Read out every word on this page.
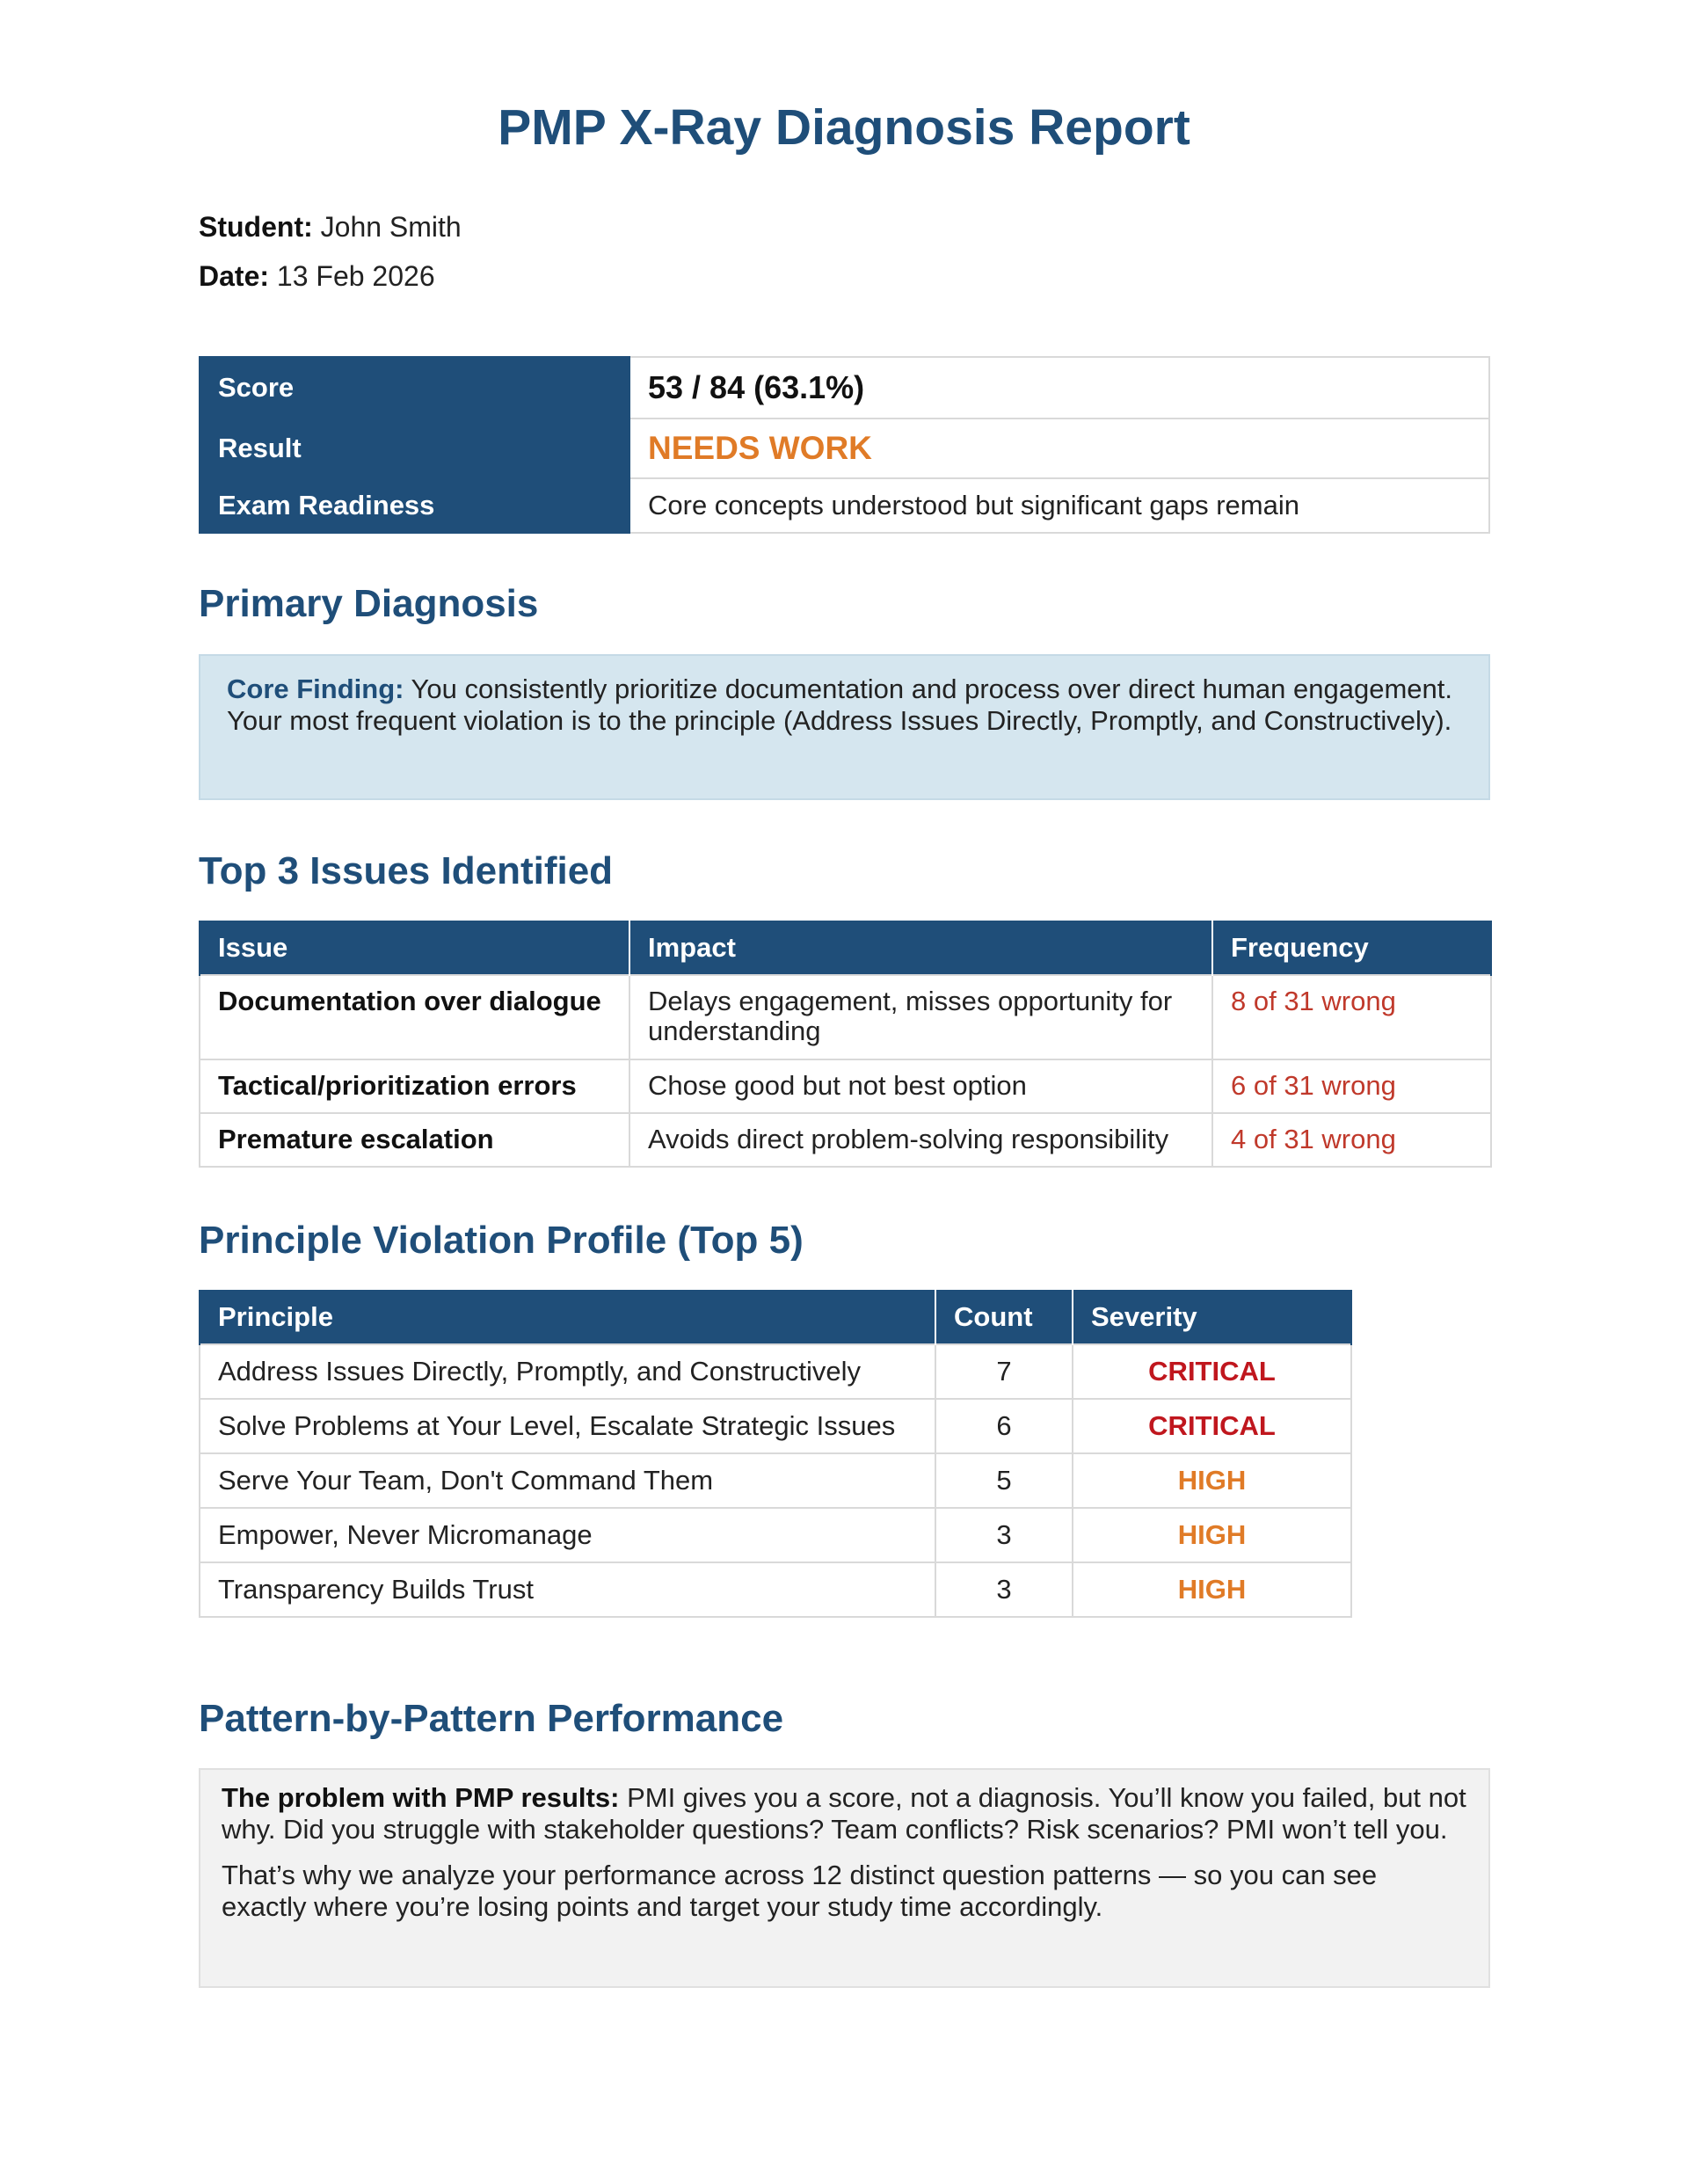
PMP X-Ray Diagnosis Report
Student: John Smith
Date: 13 Feb 2026
Score	53 / 84 (63.1%)
Result	NEEDS WORK
Exam Readiness	Core concepts understood but significant gaps remain
Primary Diagnosis
Core Finding: You consistently prioritize documentation and process over direct human engagement. Your most frequent violation is to the principle (Address Issues Directly, Promptly, and Constructively).
Top 3 Issues Identified
Issue	Impact	Frequency
Documentation over dialogue	Delays engagement, misses opportunity for understanding	8 of 31 wrong
Tactical/prioritization errors	Chose good but not best option	6 of 31 wrong
Premature escalation	Avoids direct problem-solving responsibility	4 of 31 wrong
Principle Violation Profile (Top 5)
Principle	Count	Severity
Address Issues Directly, Promptly, and Constructively	7	CRITICAL
Solve Problems at Your Level, Escalate Strategic Issues	6	CRITICAL
Serve Your Team, Don't Command Them	5	HIGH
Empower, Never Micromanage	3	HIGH
Transparency Builds Trust	3	HIGH
Pattern-by-Pattern Performance

The problem with PMP results: PMI gives you a score, not a diagnosis. You’ll know you failed, but not why. Did you struggle with stakeholder questions? Team conflicts? Risk scenarios? PMI won’t tell you.

That’s why we analyze your performance across 12 distinct question patterns — so you can see exactly where you’re losing points and target your study time accordingly.
